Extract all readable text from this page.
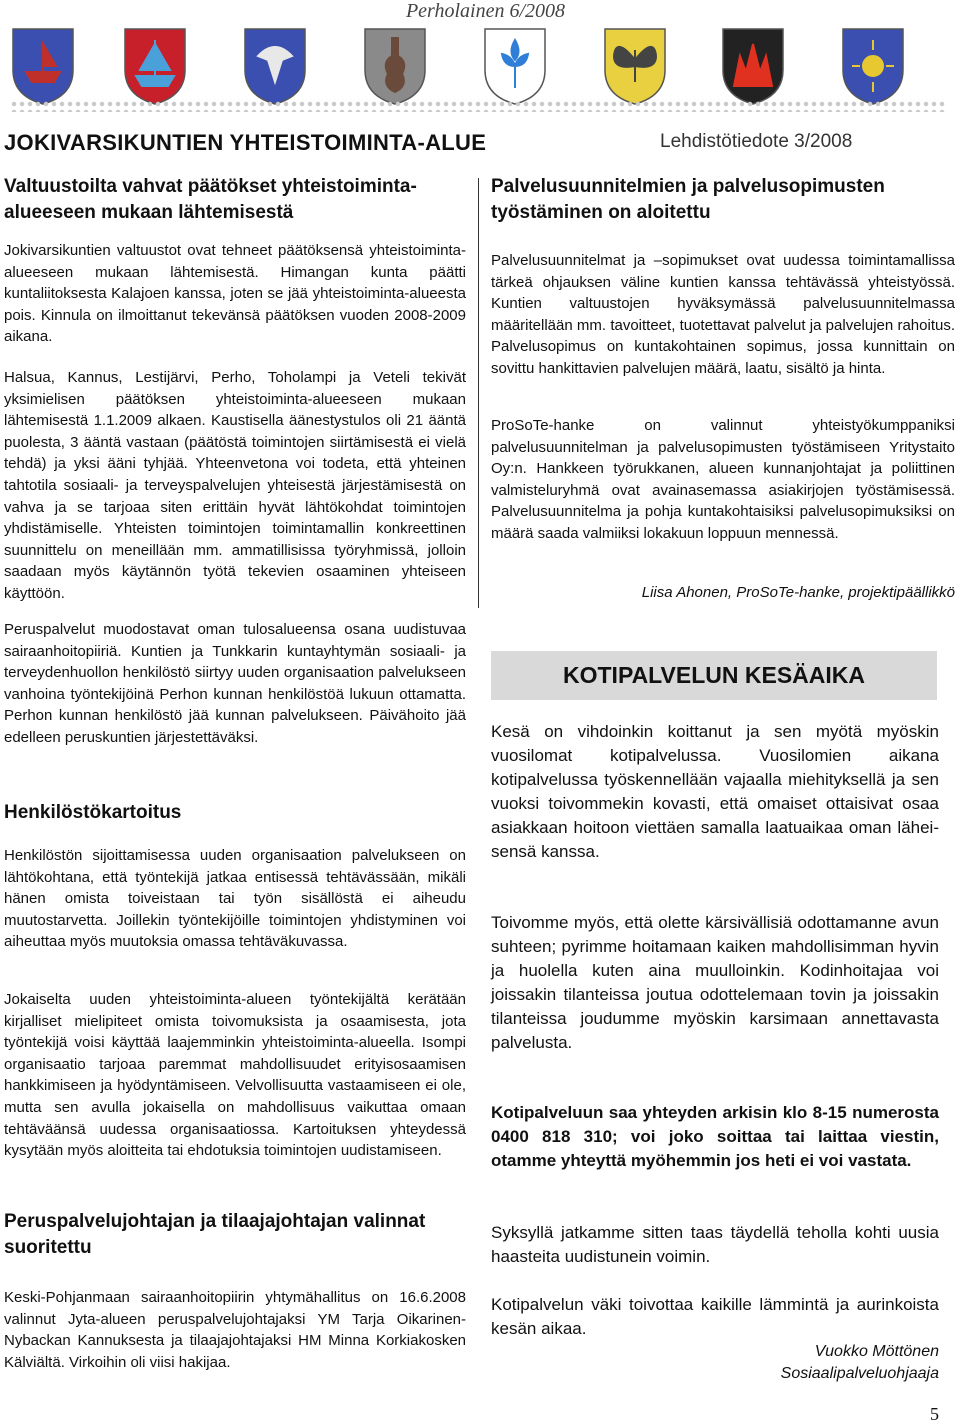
Perholainen 6/2008
JOKIVARSIKUNTIEN YHTEISTOIMINTA-ALUE	Lehdistötiedote 3/2008
Valtuustoilta vahvat päätökset yhteistoiminta-alueeseen mukaan lähtemisestä
Jokivarsikuntien valtuustot ovat tehneet päätöksensä yhteistoiminta-alueeseen mukaan lähtemisestä. Himangan kunta päätti kuntaliitoksesta Kalajoen kanssa, joten se jää yhteistoiminta-alueesta pois. Kinnula on ilmoittanut tekevänsä päätöksen vuoden 2008-2009 aikana.
Halsua, Kannus, Lestijärvi, Perho, Toholampi ja Veteli tekivät yksimielisen päätöksen yhteistoiminta-alueeseen mukaan lähtemisestä 1.1.2009 alkaen. Kaustisella äänestystulos oli 21 ääntä puolesta, 3 ääntä vastaan (päätöstä toimintojen siirtämisestä ei vielä tehdä) ja yksi ääni tyhjää. Yhteenvetona voi todeta, että yhteinen tahtotila sosiaali- ja terveyspalvelujen yhteisestä järjestämisestä on vahva ja se tarjoaa siten erittäin hyvät lähtökohdat toimintojen yhdistämiselle. Yhteisten toimintojen toimintamallin konkreettinen suunnittelu on meneillään mm. ammatillisissa työryhmissä, jolloin saadaan myös käytännön työtä tekevien osaaminen yhteiseen käyttöön.
Peruspalvelut muodostavat oman tulosalueensa osana uudistuvaa sairaanhoitopiiriä. Kuntien ja Tunkkarin kuntayhtymän sosiaali- ja terveydenhuollon henkilöstö siirtyy uuden organisaation palvelukseen vanhoina työntekijöinä Perhon kunnan henkilöstöä lukuun ottamatta. Perhon kunnan henkilöstö jää kunnan palvelukseen. Päivähoito jää edelleen peruskuntien järjestettäväksi.
Henkilöstökartoitus
Henkilöstön sijoittamisessa uuden organisaation palvelukseen on lähtökohtana, että työntekijä jatkaa entisessä tehtävässään, mikäli hänen omista toiveistaan tai työn sisällöstä ei aiheudu muutostarvetta. Joillekin työntekijöille toimintojen yhdistyminen voi aiheuttaa myös muutoksia omassa tehtäväkuvassa.
Jokaiselta uuden yhteistoiminta-alueen työntekijältä kerätään kirjalliset mielipiteet omista toivomuksista ja osaamisesta, jota työntekijä voisi käyttää laajemminkin yhteistoiminta-alueella. Isompi organisaatio tarjoaa paremmat mahdollisuudet erityisosaamisen hankkimiseen ja hyödyntämiseen. Velvollisuutta vastaamiseen ei ole, mutta sen avulla jokaisella on mahdollisuus vaikuttaa omaan tehtäväänsä uudessa organisaatiossa. Kartoituksen yhteydessä kysytään myös aloitteita tai ehdotuksia toimintojen uudistamiseen.
Peruspalvelujohtajan ja tilaajajohtajan valinnat suoritettu
Keski-Pohjanmaan sairaanhoitopiirin yhtymähallitus on 16.6.2008 valinnut Jyta-alueen peruspalvelujohtajaksi YM Tarja Oikarinen-Nybackan Kannuksesta ja tilaajajohtajaksi HM Minna Korkiakosken Kälviältä. Virkoihin oli viisi hakijaa.
Palvelusuunnitelmien ja palvelusopimusten työstäminen on aloitettu
Palvelusuunnitelmat ja –sopimukset ovat uudessa toimintamallissa tärkeä ohjauksen väline kuntien kanssa tehtävässä yhteistyössä. Kuntien valtuustojen hyväksymässä palvelusuunnitelmassa määritellään mm. tavoitteet, tuotettavat palvelut ja palvelujen rahoitus. Palvelusopimus on kuntakohtainen sopimus, jossa kunnittain on sovittu hankittavien palvelujen määrä, laatu, sisältö ja hinta.
ProSoTe-hanke on valinnut yhteistyökumppaniksi palvelusuunnitelman ja palvelusopimusten työstämiseen Yritystaito Oy:n. Hankkeen työrukkanen, alueen kunnanjohtajat ja poliittinen valmisteluryhmä ovat avainasemassa asiakirjojen työstämisessä. Palvelusuunnitelma ja pohja kuntakohtaisiksi palvelusopimuksiksi on määrä saada valmiiksi lokakuun loppuun mennessä.
Liisa Ahonen, ProSoTe-hanke, projektipäällikkö
KOTIPALVELUN KESÄAIKA
Kesä on vihdoinkin koittanut ja sen myötä myöskin vuosilomat kotipalvelussa. Vuosilomien aikana kotipalvelussa työskennellään vajaalla miehityksellä ja sen vuoksi toivommekin kovasti, että omaiset ottaisivat osaa asiakkaan hoitoon viettäen samalla laatuaikaa oman lähei-sensä kanssa.
Toivomme myös, että olette kärsivällisiä odottamanne avun suhteen; pyrimme hoitamaan kaiken mahdollisimman hyvin ja huolella kuten aina muulloinkin. Kodinhoitajaa voi joissakin tilanteissa joutua odottelemaan tovin ja joissakin tilanteissa joudumme myöskin karsimaan annettavasta palvelusta.
Kotipalveluun saa yhteyden arkisin klo 8-15 numerosta 0400 818 310; voi joko soittaa tai laittaa viestin, otamme yhteyttä myöhemmin jos heti ei voi vastata.
Syksyllä jatkamme sitten taas täydellä teholla kohti uusia haasteita uudistunein voimin.
Kotipalvelun väki toivottaa kaikille lämmintä ja aurinkoista kesän aikaa.
Vuokko Möttönen
Sosiaalipalveluohjaaja
5
